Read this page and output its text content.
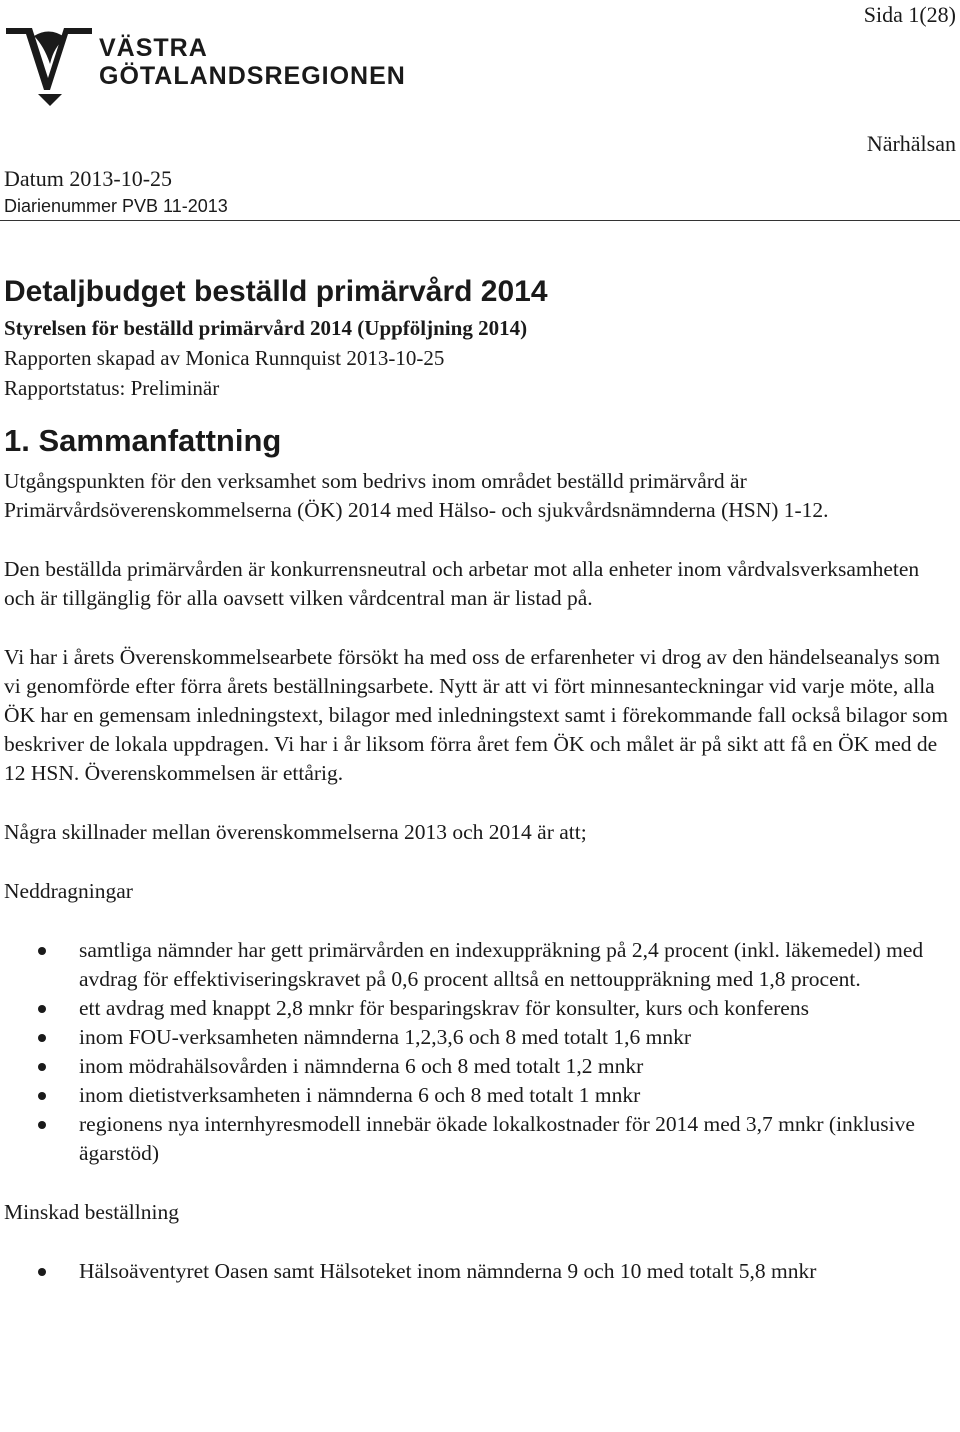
Sida 1(28)
VÄSTRA
GÖTALANDSREGIONEN
Närhälsan
Datum 2013-10-25
Diarienummer PVB 11-2013
Detaljbudget beställd primärvård 2014
Styrelsen för beställd primärvård 2014 (Uppföljning 2014)
Rapporten skapad av Monica Runnquist 2013-10-25
Rapportstatus: Preliminär
1. Sammanfattning

Utgångspunkten för den verksamhet som bedrivs inom området beställd primärvård är Primärvårdsöverenskommelserna (ÖK) 2014 med Hälso- och sjukvårdsnämnderna (HSN) 1-12.

Den beställda primärvården är konkurrensneutral och arbetar mot alla enheter inom vårdvalsverksamheten och är tillgänglig för alla oavsett vilken vårdcentral man är listad på.

Vi har i årets Överenskommelsearbete försökt ha med oss de erfarenheter vi drog av den händelseanalys som vi genomförde efter förra årets beställningsarbete. Nytt är att vi fört minnesanteckningar vid varje möte, alla ÖK har en gemensam inledningstext, bilagor med inledningstext samt i förekommande fall också bilagor som beskriver de lokala uppdragen. Vi har i år liksom förra året fem ÖK och målet är på sikt att få en ÖK med de 12 HSN. Överenskommelsen är ettårig.

Några skillnader mellan överenskommelserna 2013 och 2014 är att;

Neddragningar
samtliga nämnder har gett primärvården en indexuppräkning på 2,4 procent (inkl. läkemedel) med avdrag för effektiviseringskravet på 0,6 procent alltså en nettouppräkning med 1,8 procent.
ett avdrag med knappt 2,8 mnkr för besparingskrav för konsulter, kurs och konferens
inom FOU-verksamheten nämnderna 1,2,3,6 och 8 med totalt 1,6 mnkr
inom mödrahälsovården i nämnderna 6 och 8 med totalt 1,2 mnkr
inom dietistverksamheten i nämnderna 6 och 8 med totalt 1 mnkr
regionens nya internhyresmodell innebär ökade lokalkostnader för 2014 med 3,7 mnkr (inklusive ägarstöd)
Minskad beställning
Hälsoäventyret Oasen samt Hälsoteket inom nämnderna 9 och 10 med totalt 5,8 mnkr
